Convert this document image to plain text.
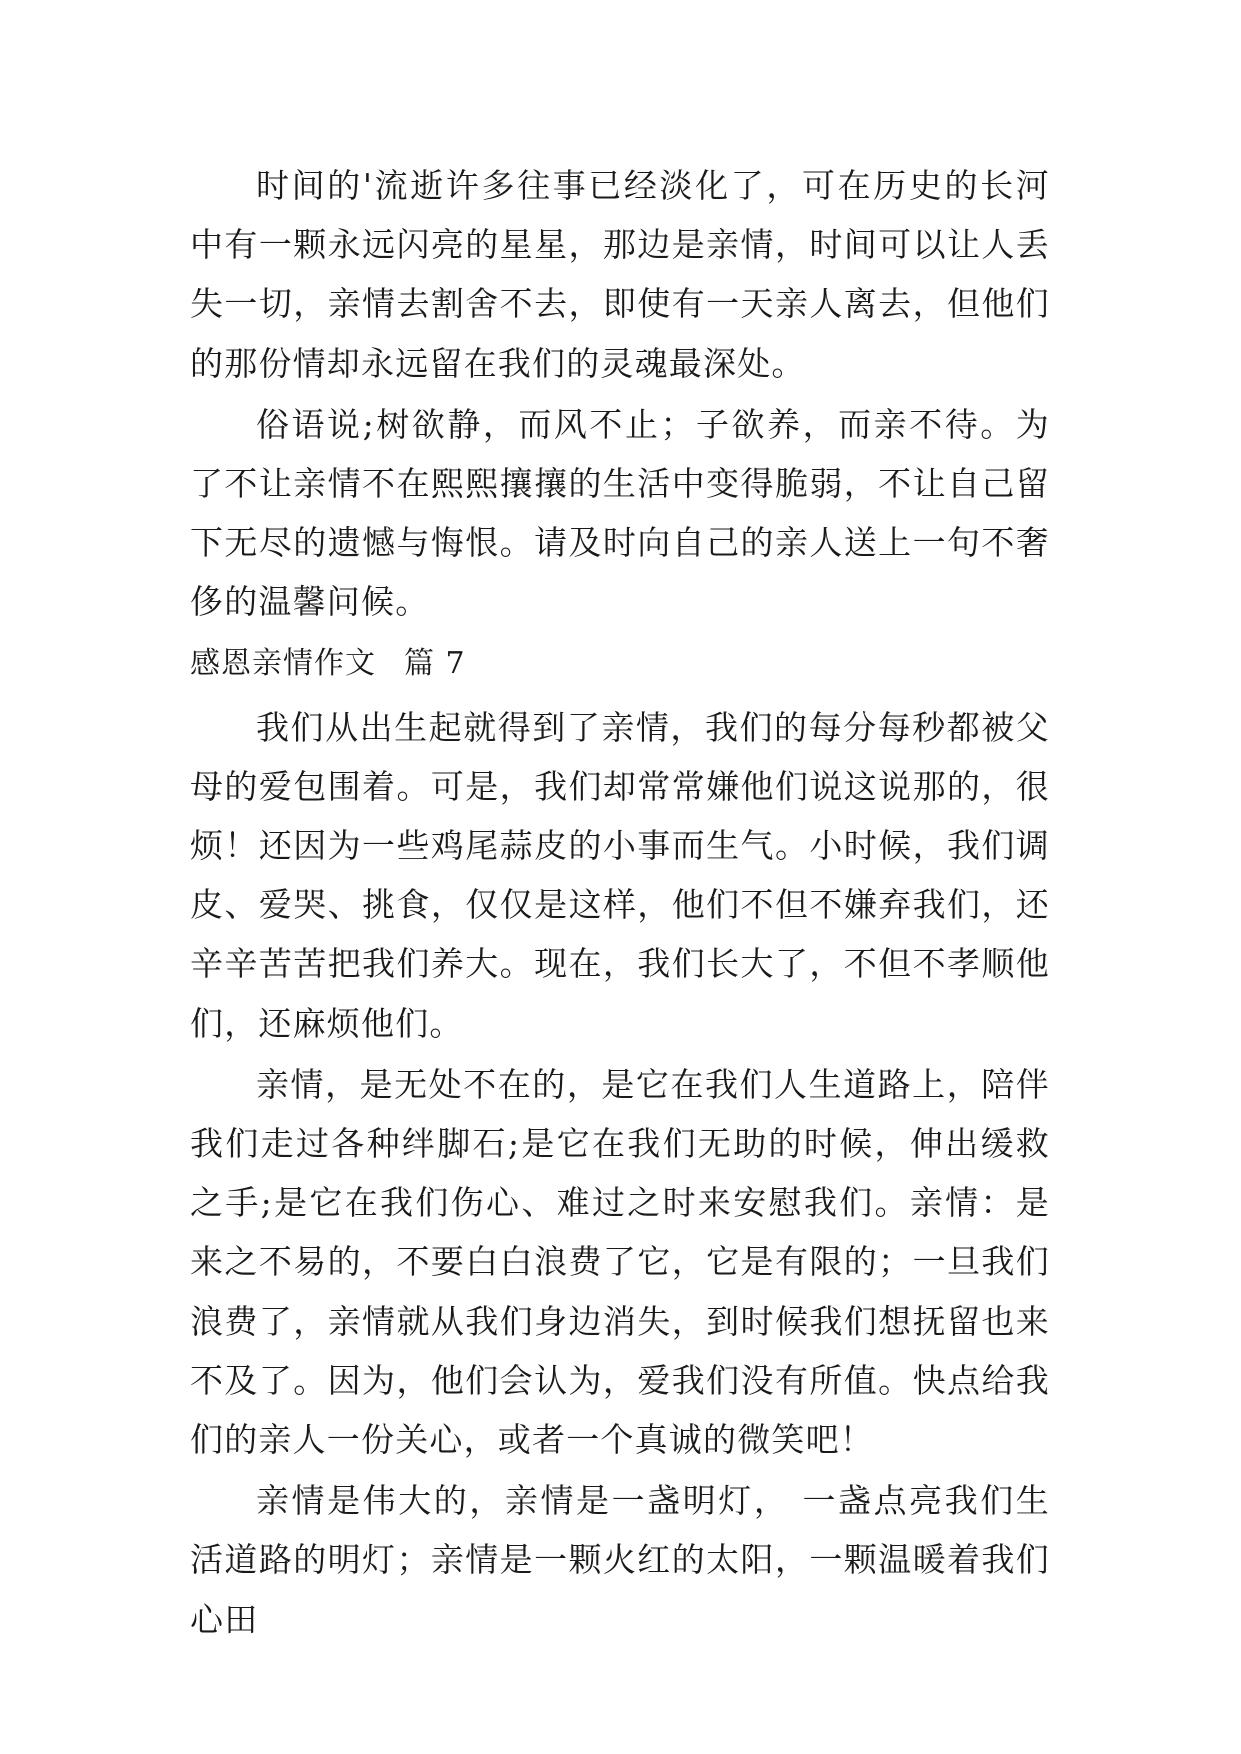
时间的'流逝许多往事已经淡化了，可在历史的长河中有一颗永远闪亮的星星，那边是亲情，时间可以让人丢失一切，亲情去割舍不去，即使有一天亲人离去，但他们的那份情却永远留在我们的灵魂最深处。

俗语说;树欲静，而风不止；子欲养，而亲不待。为了不让亲情不在熙熙攘攘的生活中变得脆弱，不让自己留下无尽的遗憾与悔恨。请及时向自己的亲人送上一句不奢侈的温馨问候。

感恩亲情作文 篇 7

我们从出生起就得到了亲情，我们的每分每秒都被父母的爱包围着。可是，我们却常常嫌他们说这说那的，很烦！还因为一些鸡尾蒜皮的小事而生气。小时候，我们调皮、爱哭、挑食，仅仅是这样，他们不但不嫌弃我们，还辛辛苦苦把我们养大。现在，我们长大了，不但不孝顺他们，还麻烦他们。

亲情，是无处不在的，是它在我们人生道路上，陪伴我们走过各种绊脚石;是它在我们无助的时候，伸出缓救之手;是它在我们伤心、难过之时来安慰我们。亲情：是来之不易的，不要白白浪费了它，它是有限的；一旦我们浪费了，亲情就从我们身边消失，到时候我们想抚留也来不及了。因为，他们会认为，爱我们没有所值。快点给我们的亲人一份关心，或者一个真诚的微笑吧！

亲情是伟大的，亲情是一盏明灯， 一盏点亮我们生活道路的明灯；亲情是一颗火红的太阳，一颗温暖着我们心田
